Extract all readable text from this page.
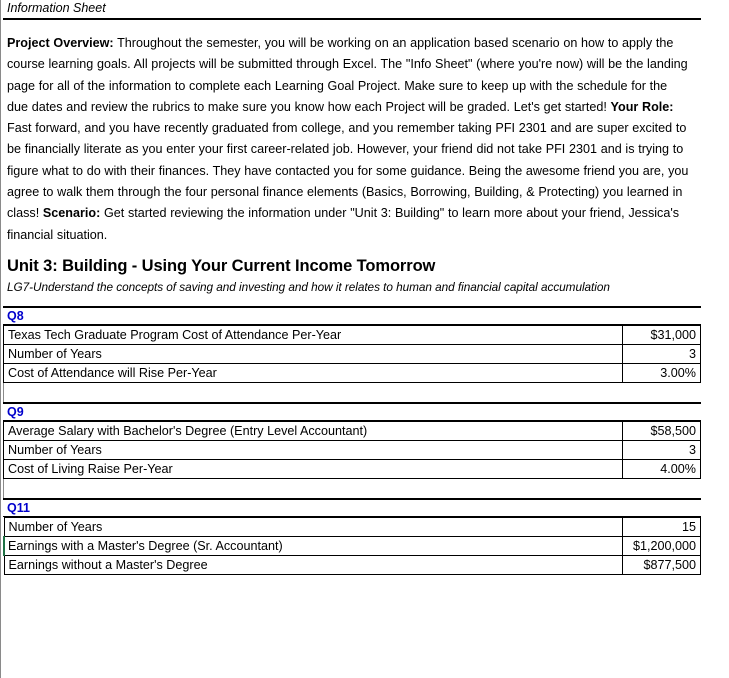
Information Sheet
Project Overview: Throughout the semester, you will be working on an application based scenario on how to apply the course learning goals. All projects will be submitted through Excel. The "Info Sheet" (where you're now) will be the landing page for all of the information to complete each Learning Goal Project. Make sure to keep up with the schedule for the due dates and review the rubrics to make sure you know how each Project will be graded. Let's get started! Your Role: Fast forward, and you have recently graduated from college, and you remember taking PFI 2301 and are super excited to be financially literate as you enter your first career-related job. However, your friend did not take PFI 2301 and is trying to figure what to do with their finances. They have contacted you for some guidance. Being the awesome friend you are, you agree to walk them through the four personal finance elements (Basics, Borrowing, Building, & Protecting) you learned in class! Scenario: Get started reviewing the information under "Unit 3: Building" to learn more about your friend, Jessica's financial situation.
Unit 3: Building - Using Your Current Income Tomorrow
LG7-Understand the concepts of saving and investing and how it relates to human and financial capital accumulation
Q8
Texas Tech Graduate Program Cost of Attendance Per-Year	$31,000
Number of Years	3
Cost of Attendance will Rise Per-Year	3.00%
Q9
Average Salary with Bachelor's Degree (Entry Level Accountant)	$58,500
Number of Years	3
Cost of Living Raise Per-Year	4.00%
Q11
Number of Years	15
Earnings with a Master's Degree (Sr. Accountant)	$1,200,000
Earnings without a Master's Degree	$877,500
